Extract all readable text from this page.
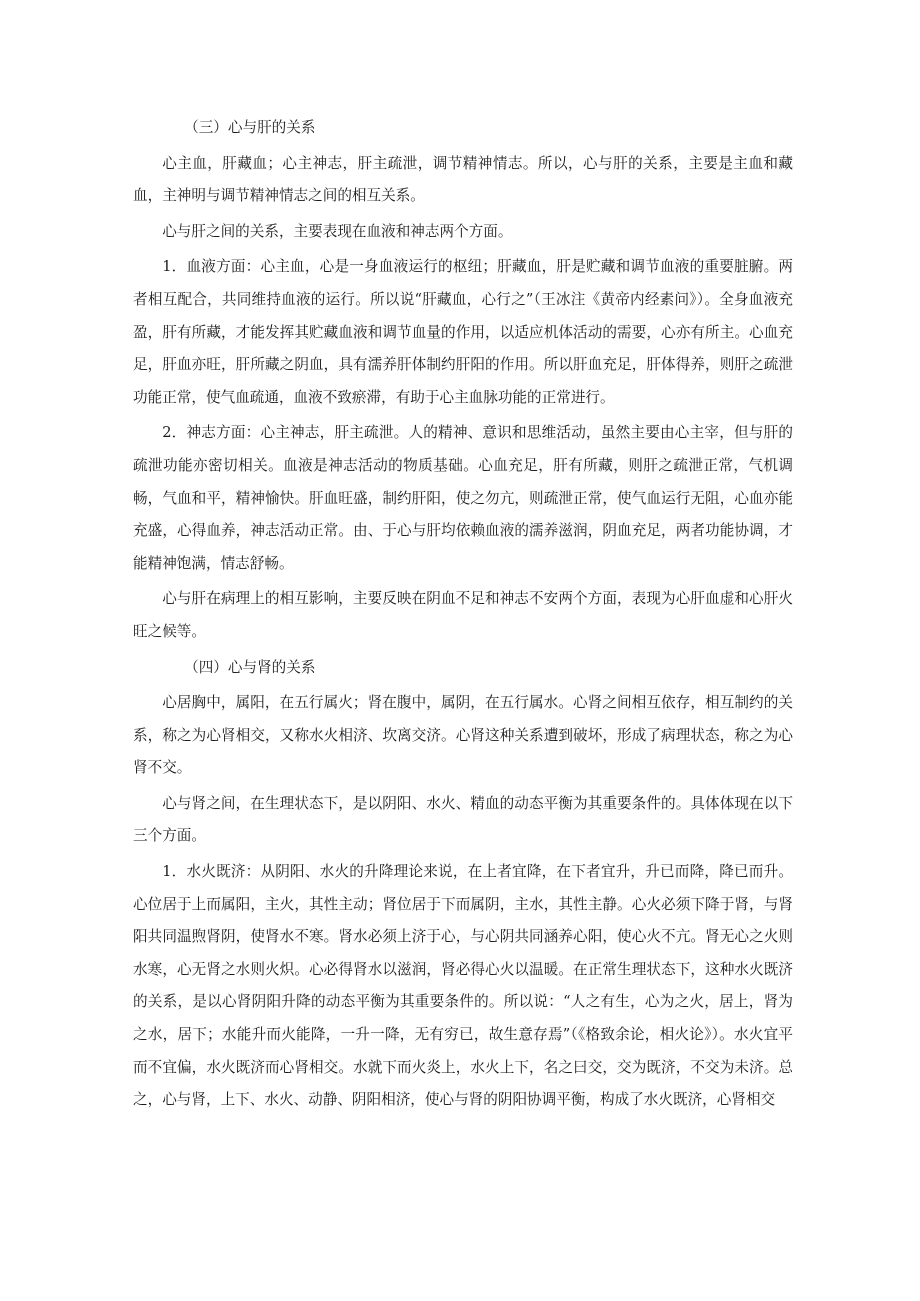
（三）心与肝的关系

心主血，肝藏血；心主神志，肝主疏泄，调节精神情志。所以，心与肝的关系，主要是主血和藏血，主神明与调节精神情志之间的相互关系。

心与肝之间的关系，主要表现在血液和神志两个方面。

1．血液方面：心主血，心是一身血液运行的枢纽；肝藏血，肝是贮藏和调节血液的重要脏腑。两者相互配合，共同维持血液的运行。所以说“肝藏血，心行之”（王冰注《黄帝内经素问》）。全身血液充盈，肝有所藏，才能发挥其贮藏血液和调节血量的作用，以适应机体活动的需要，心亦有所主。心血充足，肝血亦旺，肝所藏之阴血，具有濡养肝体制约肝阳的作用。所以肝血充足，肝体得养，则肝之疏泄功能正常，使气血疏通，血液不致瘀滞，有助于心主血脉功能的正常进行。

2．神志方面：心主神志，肝主疏泄。人的精神、意识和思维活动，虽然主要由心主宰，但与肝的疏泄功能亦密切相关。血液是神志活动的物质基础。心血充足，肝有所藏，则肝之疏泄正常，气机调畅，气血和平，精神愉快。肝血旺盛，制约肝阳，使之勿亢，则疏泄正常，使气血运行无阻，心血亦能充盛，心得血养，神志活动正常。由、于心与肝均依赖血液的濡养滋润，阴血充足，两者功能协调，才能精神饱满，情志舒畅。

心与肝在病理上的相互影响，主要反映在阴血不足和神志不安两个方面，表现为心肝血虚和心肝火旺之候等。

（四）心与肾的关系

心居胸中，属阳，在五行属火；肾在腹中，属阴，在五行属水。心肾之间相互依存，相互制约的关系，称之为心肾相交，又称水火相济、坎离交济。心肾这种关系遭到破坏，形成了病理状态，称之为心肾不交。

心与肾之间，在生理状态下，是以阴阳、水火、精血的动态平衡为其重要条件的。具体体现在以下三个方面。

1．水火既济：从阴阳、水火的升降理论来说，在上者宜降，在下者宜升，升已而降，降已而升。心位居于上而属阳，主火，其性主动；肾位居于下而属阴，主水，其性主静。心火必须下降于肾，与肾阳共同温煦肾阴，使肾水不寒。肾水必须上济于心，与心阴共同涵养心阳，使心火不亢。肾无心之火则水寒，心无肾之水则火炽。心必得肾水以滋润，肾必得心火以温暖。在正常生理状态下，这种水火既济的关系，是以心肾阴阳升降的动态平衡为其重要条件的。所以说：“人之有生，心为之火，居上，肾为之水，居下；水能升而火能降，一升一降，无有穷已，故生意存焉”（《格致余论，相火论》）。水火宜平而不宜偏，水火既济而心肾相交。水就下而火炎上，水火上下，名之曰交，交为既济，不交为未济。总之，心与肾，上下、水火、动静、阴阳相济，使心与肾的阴阳协调平衡，构成了水火既济，心肾相交
